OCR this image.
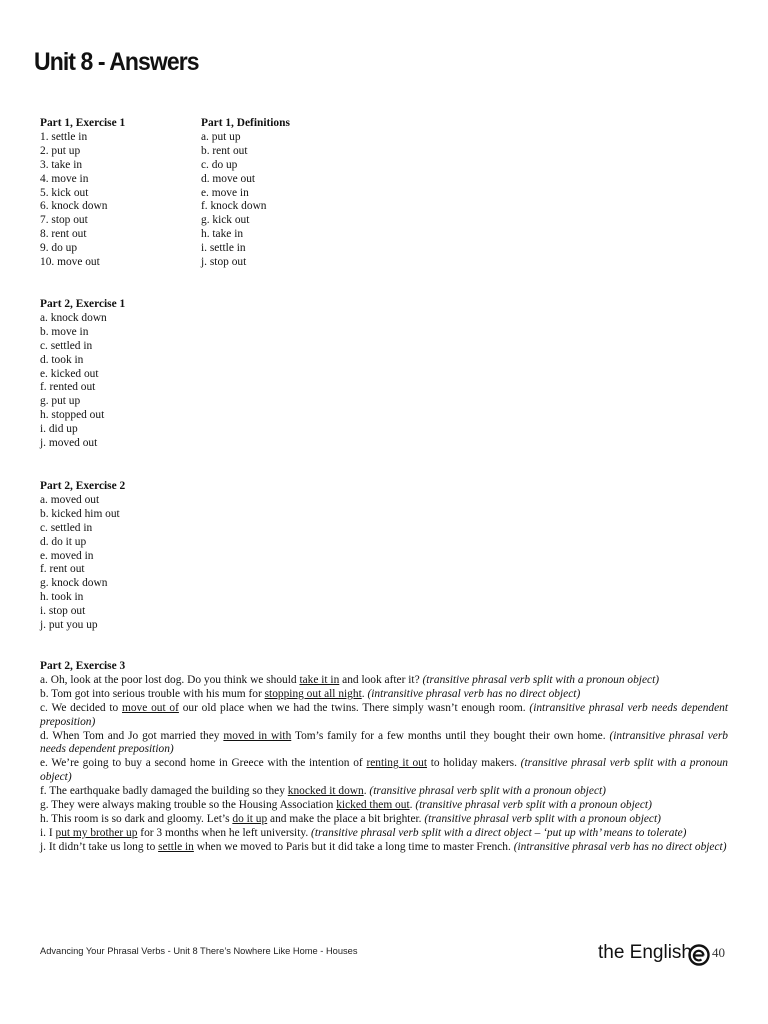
Unit 8 - Answers
Part 1, Exercise 1
1. settle in
2. put up
3. take in
4. move in
5. kick out
6. knock down
7. stop out
8. rent out
9. do up
10. move out
Part 1, Definitions
a. put up
b. rent out
c. do up
d. move out
e. move in
f. knock down
g. kick out
h. take in
i. settle in
j. stop out
Part 2, Exercise 1
a. knock down
b. move in
c. settled in
d. took in
e. kicked out
f. rented out
g. put up
h. stopped out
i. did up
j. moved out
Part 2, Exercise 2
a. moved out
b. kicked him out
c. settled in
d. do it up
e. moved in
f. rent out
g. knock down
h. took in
i. stop out
j. put you up
Part 2, Exercise 3

a. Oh, look at the poor lost dog. Do you think we should take it in and look after it? (transitive phrasal verb split with a pronoun object)

b. Tom got into serious trouble with his mum for stopping out all night. (intransitive phrasal verb has no direct object)

c. We decided to move out of our old place when we had the twins. There simply wasn’t enough room. (intransitive phrasal verb needs dependent preposition)

d. When Tom and Jo got married they moved in with Tom’s family for a few months until they bought their own home. (intransitive phrasal verb needs dependent preposition)

e. We’re going to buy a second home in Greece with the intention of renting it out to holiday makers. (transitive phrasal verb split with a pronoun object)

f. The earthquake badly damaged the building so they knocked it down. (transitive phrasal verb split with a pronoun object)

g. They were always making trouble so the Housing Association kicked them out. (transitive phrasal verb split with a pronoun object)

h. This room is so dark and gloomy. Let’s do it up and make the place a bit brighter. (transitive phrasal verb split with a pronoun object)

i. I put my brother up for 3 months when he left university. (transitive phrasal verb split with a direct object – ‘put up with’ means to tolerate)

j. It didn’t take us long to settle in when we moved to Paris but it did take a long time to master French. (intransitive phrasal verb has no direct object)

Advancing Your Phrasal Verbs - Unit 8 There’s Nowhere Like Home - Houses	the English 40
